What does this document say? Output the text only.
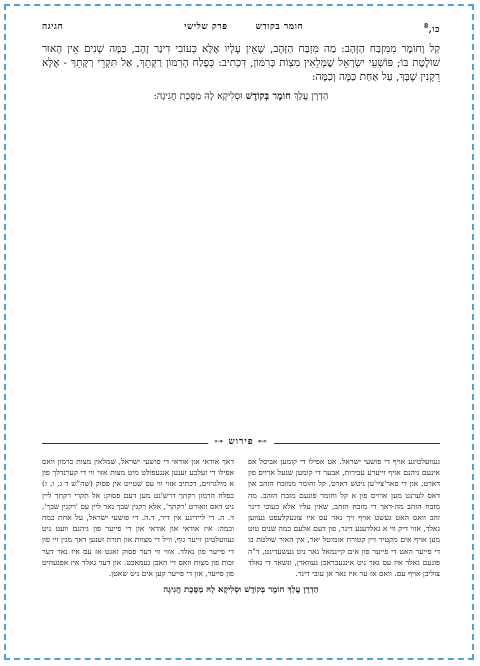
כו,$^8$
חומר בקודש
פרק שלישי
חגיגה

קַל וָחוֹמֶר מִמִּזְבַּח הַזָּהָב: מַה מִּזְבַּח הַזָּהָב, שֶׁאֵין עָלָיו אֶלָּא כְּעוֹבִי דִינַר זָהָב, כַּמָּה שָׁנִים אֵין הָאוּר שׁוֹלֶטֶת בּוֹ; פּוֹשְׁעֵי יִשְׂרָאֵל שֶׁמְּלֵאִין מִצְוֹת כָּרִמּוֹן, דִּכְתִיב: כְּפֶלַח הָרִמּוֹן רַקָּתֵךְ, אַל תִּקְרֵי רַקָּתֵךְ - אֶלָּא רֵקָנִין שֶׁבָּךְ, עַל אַחַת כַּמָּה וְכַמָּה:

הַדְרָן עֲלָךְ חוֹמֶר בְּקוֹדֶשׁ וּסְלִיקָא לָהּ מַסֶּכֶת חֲגִיגָה:
⊶ פירוש ⊷

געוועלטיגע אויף די פושעי ישראל. אט אפילו די קומען אביסל אפ אינעם גיהנם אויף זייערע עבירות, אבער די קומען שנעל ארויס פון דארט, און די פאר'ציי'ען ניטש דארט, קל וחומר ממזבח הזהב און דאס לערנט מען ארויס פון א קל וחומר פונעם מזבח הזהב. מה מזבח הזהב מה-דאך די מזבח הזהב, שאין עליו אלא כעובי דינר זהב וואס האט געשט אויף זיך נאר עס איז צוגעקלעפט געווען גאלד, אזוי דיק ווי א גאלדענע דינר, פון דעם אלעם כמה שנים טוט מען אויף אים מקטיר זיין קטורת אומיטל יאר, אין האור שולטת בו די פייער האט די פייער פון אים קיינמאל גאר ניט געשעדיגט, ד"ה פונעם גאלד איז עס גאר ניט אינגעבראכן געווארן, ונשאר די גאלד צוליבן אויף עם. וואס אז ער איז נאר אן עובי דינר.

דאך אודאי און אודאי די פושעי ישראל, שמלאין מצות כרמון וואס אפילו די זעלבע זענען אנגעפולט מיט מצות אזוי ווי די קערנדלך פון א מילגרוים, דכתיב אזוי ווי עס שטייט אין פסוק (שה"ש ד ג, ו, ז) כפלח הרמון רקתך דרש'נט מען דעם פסוק: אל תקרי רקתך ליין ניט דאס וואורט 'רקתך', אלא רקנין שבך נאר ליין עס 'רקנין שבך', ד. ה. די ליידיגע אין דיר, ד.ה. די פושעי ישראל, על אחת כמה וכמה: איז אודאי און אודאי און די פייער פון גיהנם וועט ניט געוועלטיגן זייער גוף, וויל די מצוות און תורה זענען דאך מגין זיי פון די פייער פון גאלד. אזוי ווי דער פסוק זאגט אז עס איז נאר דער זכות פון מצות וואס זיי האבן געמאכט. און דער גאלד איז אפגעהיט פון פייער, און די פייער קען אים ניט שאטן.

הַדְרָן עֲלָךְ חוֹמֶר בְּקוֹדֶשׁ וּסְלִיקָא לָהּ מַסֶּכֶת חֲגִיגָה
